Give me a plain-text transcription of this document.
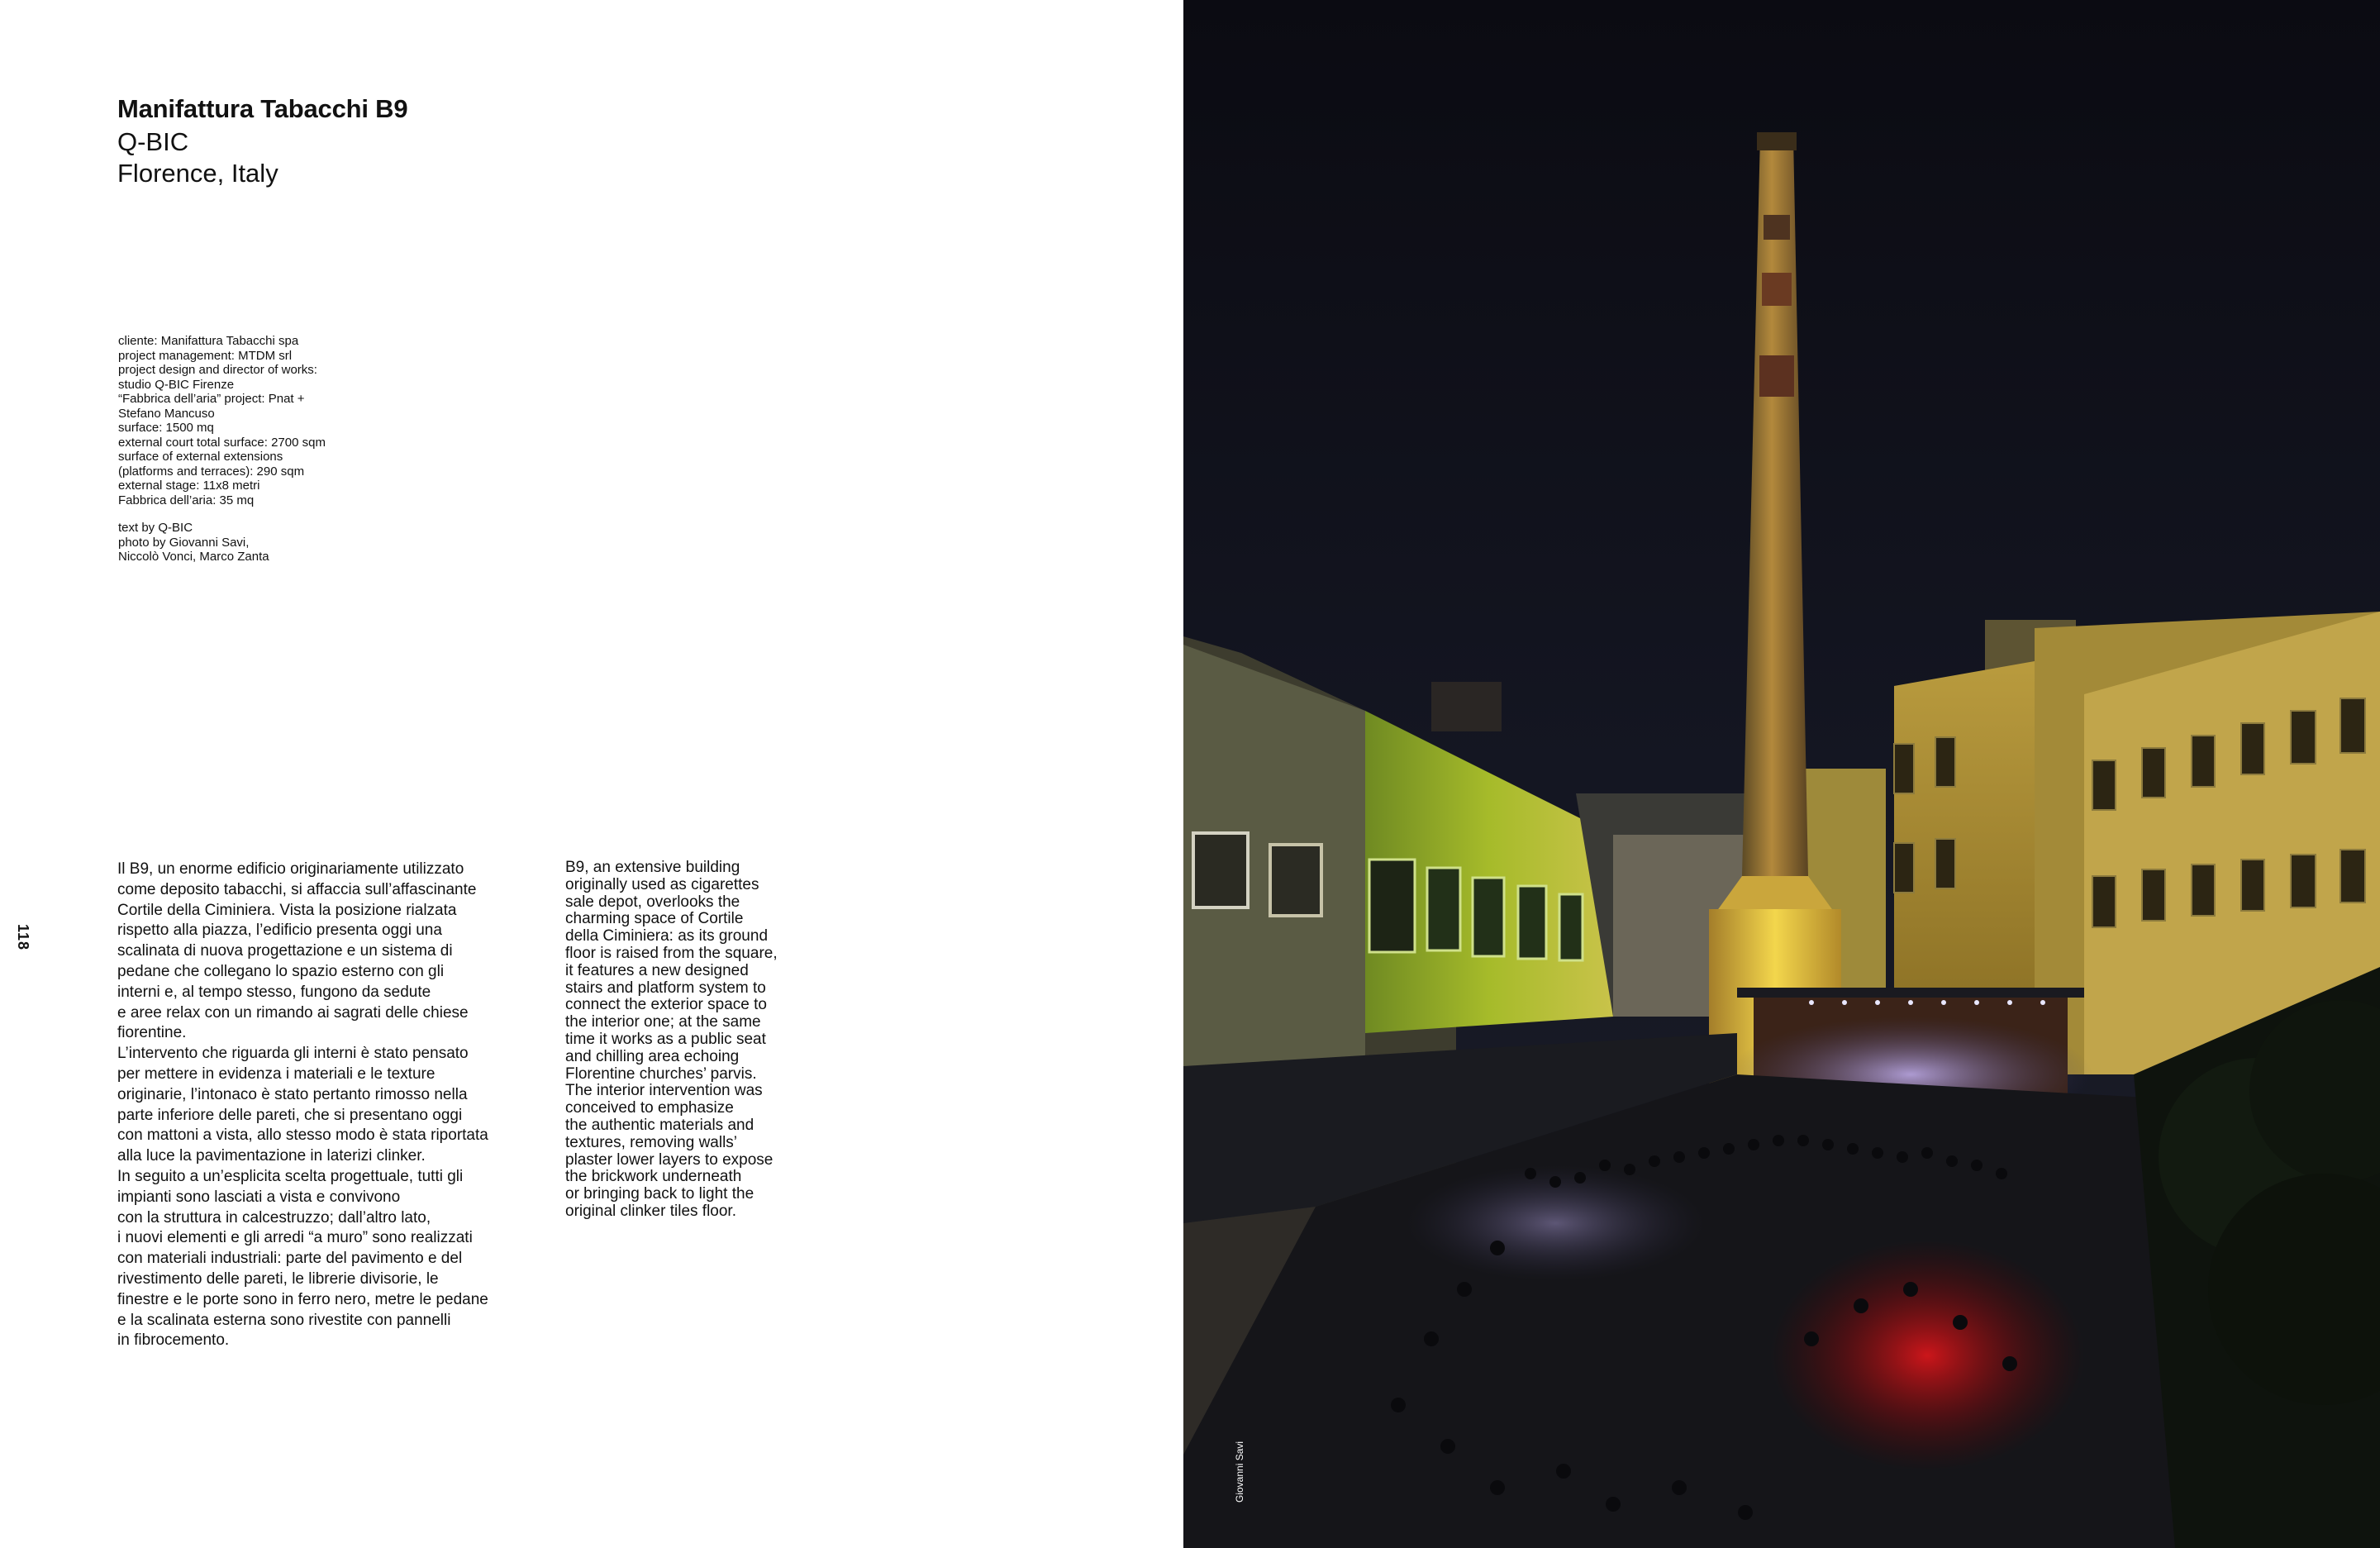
Manifattura Tabacchi B9
Q-BIC
Florence, Italy
cliente: Manifattura Tabacchi spa
project management: MTDM srl
project design and director of works:
studio Q-BIC Firenze
“Fabbrica dell’aria” project: Pnat +
Stefano Mancuso
surface: 1500 mq
external court total surface: 2700 sqm
surface of external extensions
(platforms and terraces): 290 sqm
external stage: 11x8 metri
Fabbrica dell’aria: 35 mq
text by Q-BIC
photo by Giovanni Savi,
Niccolò Vonci, Marco Zanta
118
Il B9, un enorme edificio originariamente utilizzato
come deposito tabacchi, si affaccia sull’affascinante
Cortile della Ciminiera. Vista la posizione rialzata
rispetto alla piazza, l’edificio presenta oggi una
scalinata di nuova progettazione e un sistema di
pedane che collegano lo spazio esterno con gli
interni e, al tempo stesso, fungono da sedute
e aree relax con un rimando ai sagrati delle chiese
fiorentine.
L’intervento che riguarda gli interni è stato pensato
per mettere in evidenza i materiali e le texture
originarie, l’intonaco è stato pertanto rimosso nella
parte inferiore delle pareti, che si presentano oggi
con mattoni a vista, allo stesso modo è stata riportata
alla luce la pavimentazione in laterizi clinker.
In seguito a un’esplicita scelta progettuale, tutti gli
impianti sono lasciati a vista e convivono
con la struttura in calcestruzzo; dall’altro lato,
i nuovi elementi e gli arredi “a muro” sono realizzati
con materiali industriali: parte del pavimento e del
rivestimento delle pareti, le librerie divisorie, le
finestre e le porte sono in ferro nero, metre le pedane
e la scalinata esterna sono rivestite con pannelli
in fibrocemento.
B9, an extensive building
originally used as cigarettes
sale depot, overlooks the
charming space of Cortile
della Ciminiera: as its ground
floor is raised from the square,
it features a new designed
stairs and platform system to
connect the exterior space to
the interior one; at the same
time it works as a public seat
and chilling area echoing
Florentine churches’ parvis.
The interior intervention was
conceived to emphasize
the authentic materials and
textures, removing walls’
plaster lower layers to expose
the brickwork underneath
or bringing back to light the
original clinker tiles floor.
Giovanni Savi
